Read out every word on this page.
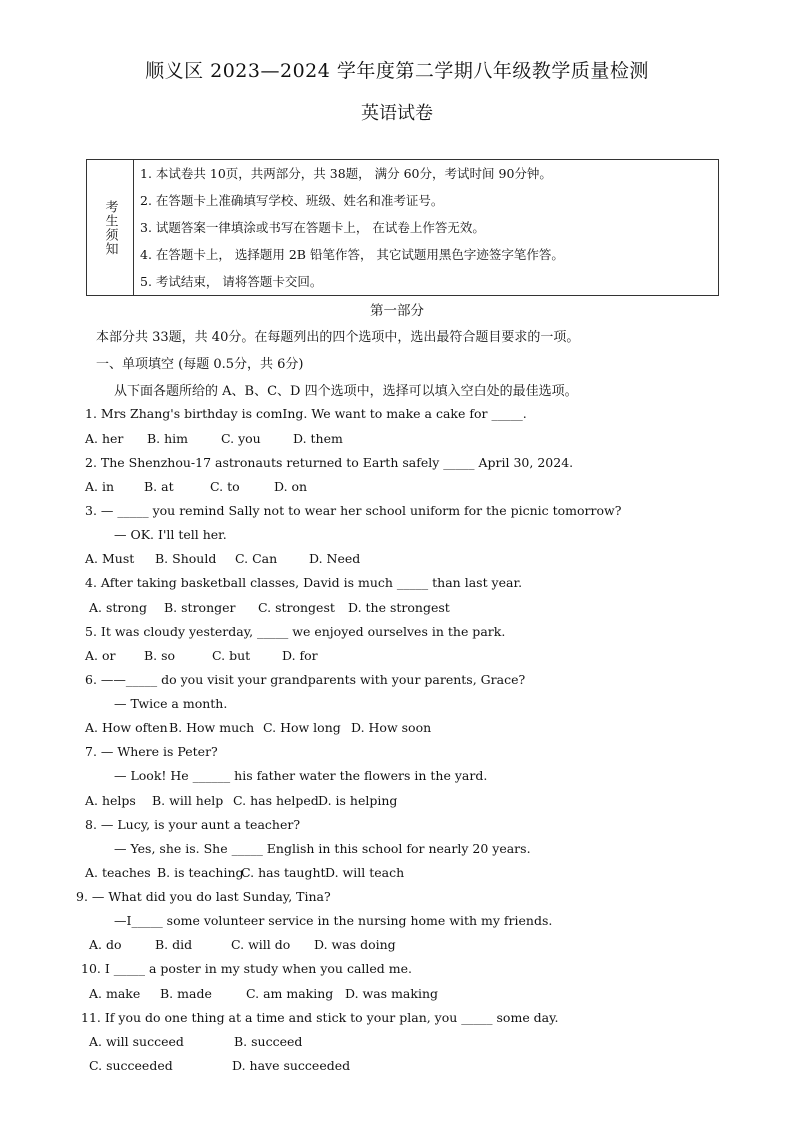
顺义区 2023—2024 学年度第二学期八年级教学质量检测
英语试卷
考生须知
1. 本试卷共 10页，共两部分，共 38题， 满分 60分，考试时间 90分钟。
2. 在答题卡上准确填写学校、班级、姓名和准考证号。
3. 试题答案一律填涂或书写在答题卡上， 在试卷上作答无效。
4. 在答题卡上， 选择题用 2B 铅笔作答， 其它试题用黑色字迹签字笔作答。
5. 考试结束， 请将答题卡交回。
第一部分
本部分共 33题，共 40分。在每题列出的四个选项中，选出最符合题目要求的一项。
一、单项填空 (每题 0.5分，共 6分)
从下面各题所给的 A、B、C、D 四个选项中，选择可以填入空白处的最佳选项。
1. Mrs Zhang's birthday is comIng. We want to make a cake for _____.
A. her	B. him	C. you	D. them
2. The Shenzhou-17 astronauts returned to Earth safely _____ April 30, 2024.
A. in	B. at	C. to	D. on
3. — _____ you remind Sally not to wear her school uniform for the picnic tomorrow?
— OK. I'll tell her.
A. Must	B. Should	C. Can	D. Need
4. After taking basketball classes, David is much _____ than last year.
A. strong	B. stronger	C. strongest	D. the strongest
5. It was cloudy yesterday, _____ we enjoyed ourselves in the park.
A. or	B. so	C. but	D. for
6. ——_____ do you visit your grandparents with your parents, Grace?
— Twice a month.
A. How often B. How much C. How long D. How soon
7. — Where is Peter?
— Look! He ______ his father water the flowers in the yard.
A. helps	B. will help C. has helped D. is helping
8. — Lucy, is your aunt a teacher?
— Yes, she is. She _____ English in this school for nearly 20 years.
A. teaches B. is teaching
C. has taught D. will teach
9. — What did you do last Sunday, Tina?
—I_____ some volunteer service in the nursing home with my friends.
A. do	B. did	C. will do	D. was doing
10. I _____ a poster in my study when you called me.
A. make	B. made	C. am making D. was making
11. If you do one thing at a time and stick to your plan, you _____ some day.
A. will succeed	B. succeed
C. succeeded	D. have succeeded
